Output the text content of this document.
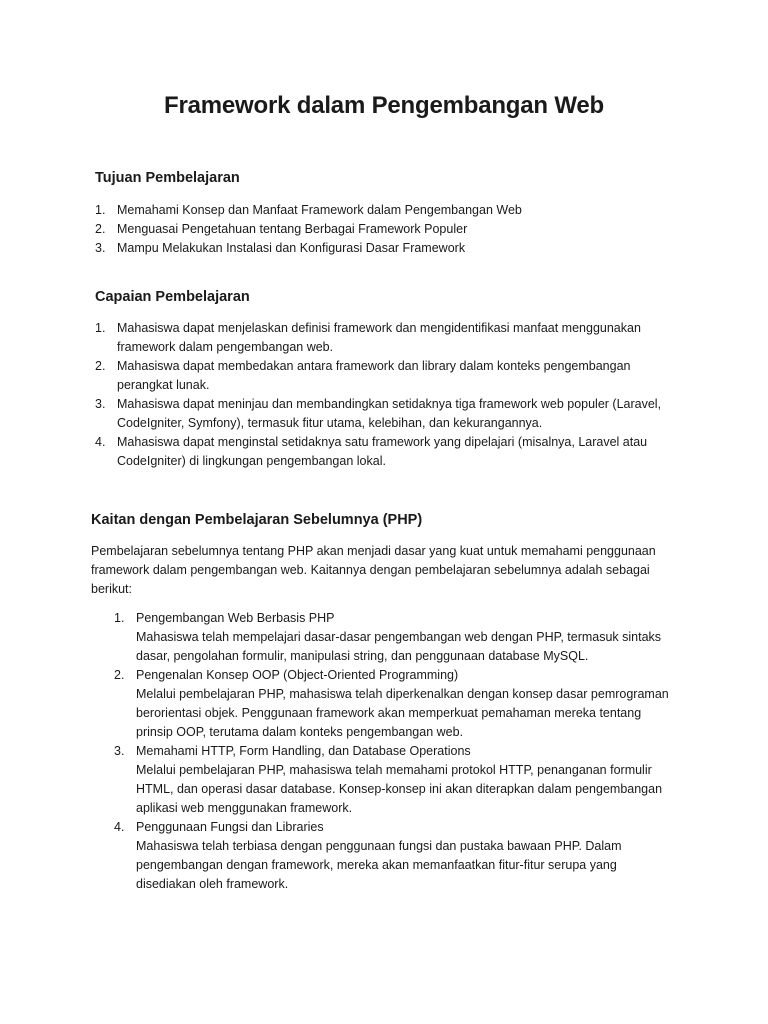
Framework dalam Pengembangan Web
Tujuan Pembelajaran
1. Memahami Konsep dan Manfaat Framework dalam Pengembangan Web
2. Menguasai Pengetahuan tentang Berbagai Framework Populer
3. Mampu Melakukan Instalasi dan Konfigurasi Dasar Framework
Capaian Pembelajaran
1. Mahasiswa dapat menjelaskan definisi framework dan mengidentifikasi manfaat menggunakan
framework dalam pengembangan web.
2. Mahasiswa dapat membedakan antara framework dan library dalam konteks pengembangan
perangkat lunak.
3. Mahasiswa dapat meninjau dan membandingkan setidaknya tiga framework web populer (Laravel,
CodeIgniter, Symfony), termasuk fitur utama, kelebihan, dan kekurangannya.
4. Mahasiswa dapat menginstal setidaknya satu framework yang dipelajari (misalnya, Laravel atau
CodeIgniter) di lingkungan pengembangan lokal.
Kaitan dengan Pembelajaran Sebelumnya (PHP)

Pembelajaran sebelumnya tentang PHP akan menjadi dasar yang kuat untuk memahami penggunaan

framework dalam pengembangan web. Kaitannya dengan pembelajaran sebelumnya adalah sebagai

berikut:

1. Pengembangan Web Berbasis PHP
Mahasiswa telah mempelajari dasar-dasar pengembangan web dengan PHP, termasuk sintaks
dasar, pengolahan formulir, manipulasi string, dan penggunaan database MySQL.
2. Pengenalan Konsep OOP (Object-Oriented Programming)
Melalui pembelajaran PHP, mahasiswa telah diperkenalkan dengan konsep dasar pemrograman
berorientasi objek. Penggunaan framework akan memperkuat pemahaman mereka tentang
prinsip OOP, terutama dalam konteks pengembangan web.
3. Memahami HTTP, Form Handling, dan Database Operations
Melalui pembelajaran PHP, mahasiswa telah memahami protokol HTTP, penanganan formulir
HTML, dan operasi dasar database. Konsep-konsep ini akan diterapkan dalam pengembangan
aplikasi web menggunakan framework.
4. Penggunaan Fungsi dan Libraries
Mahasiswa telah terbiasa dengan penggunaan fungsi dan pustaka bawaan PHP. Dalam
pengembangan dengan framework, mereka akan memanfaatkan fitur-fitur serupa yang
disediakan oleh framework.
